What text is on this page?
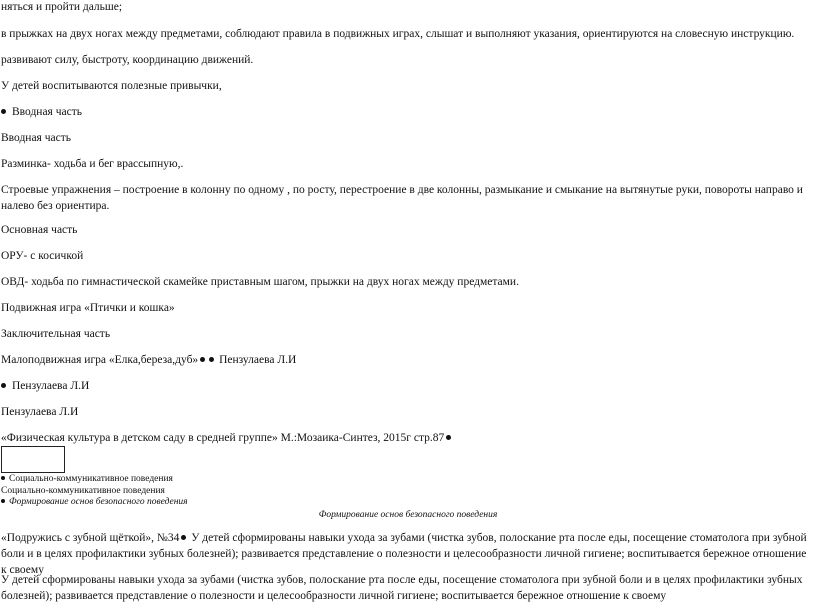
няться и пройти дальше;
в прыжках на двух ногах между предметами, соблюдают правила в подвижных играх, слышат и выполняют указания, ориентируются на словесную инструкцию.
развивают силу, быстроту, координацию движений.
У детей воспитываются полезные привычки,
Вводная часть
Вводная часть
Разминка- ходьба и бег врассыпную,.
Строевые упражнения – построение в колонну по одному , по росту, перестроение в две колонны, размыкание и смыкание на вытянутые руки, повороты направо и налево без ориентира.
Основная часть
ОРУ- с косичкой
ОВД- ходьба по гимнастической скамейке приставным шагом, прыжки на двух ногах между предметами.
Подвижная игра «Птички и кошка»
Заключительная часть
Малоподвижная игра «Елка,береза,дуб» Пензулаева Л.И
Пензулаева Л.И
Пензулаева Л.И
«Физическая культура в детском саду в средней группе» М.:Мозаика-Синтез, 2015г стр.87
Социально-коммуникативное поведения
Социально-коммуникативное поведения
Формирование основ безопасного поведения
Формирование основ безопасного поведения
«Подружись с зубной щёткой», №34 У детей сформированы навыки ухода за зубами (чистка зубов, полоскание рта после еды, посещение стоматолога при зубной боли и в целях профилактики зубных болезней); развивается представление о полезности и целесообразности личной гигиене; воспитывается бережное отношение к своему
У детей сформированы навыки ухода за зубами (чистка зубов, полоскание рта после еды, посещение стоматолога при зубной боли и в целях профилактики зубных болезней); развивается представление о полезности и целесообразности личной гигиене; воспитывается бережное отношение к своему
